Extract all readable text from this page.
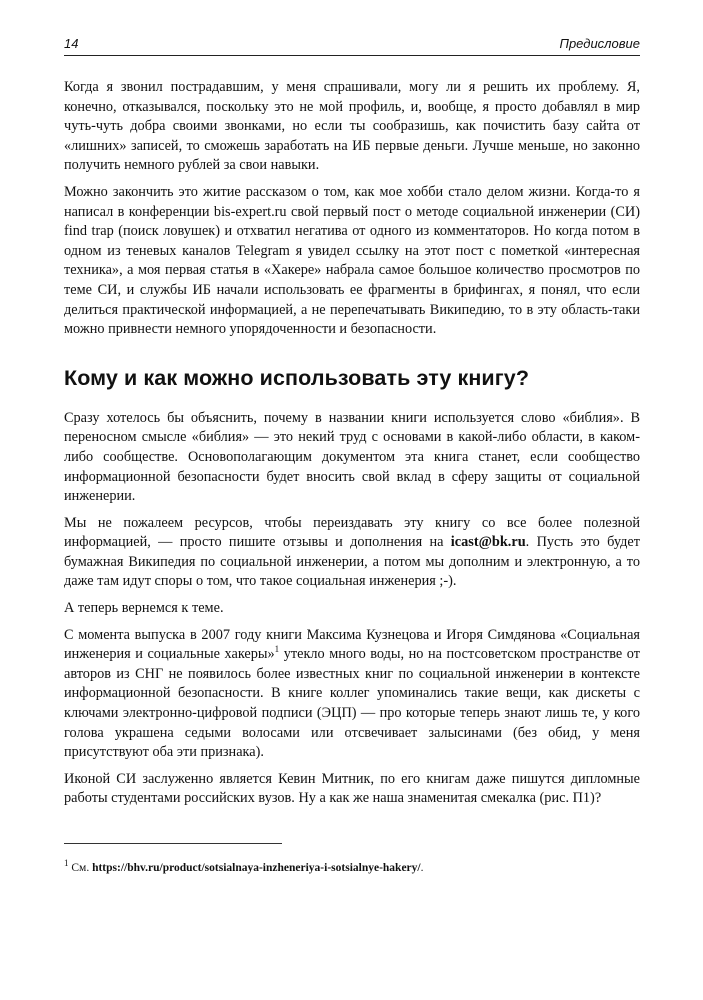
14	Предисловие

Когда я звонил пострадавшим, у меня спрашивали, могу ли я решить их проблему. Я, конечно, отказывался, поскольку это не мой профиль, и, вообще, я просто добавлял в мир чуть-чуть добра своими звонками, но если ты сообразишь, как почистить базу сайта от «лишних» записей, то сможешь заработать на ИБ первые деньги. Лучше меньше, но законно получить немного рублей за свои навыки.

Можно закончить это житие рассказом о том, как мое хобби стало делом жизни. Когда-то я написал в конференции bis-expert.ru свой первый пост о методе социальной инженерии (СИ) find trap (поиск ловушек) и отхватил негатива от одного из комментаторов. Но когда потом в одном из теневых каналов Telegram я увидел ссылку на этот пост с пометкой «интересная техника», а моя первая статья в «Хакере» набрала самое большое количество просмотров по теме СИ, и службы ИБ начали использовать ее фрагменты в брифингах, я понял, что если делиться практической информацией, а не перепечатывать Википедию, то в эту область-таки можно привнести немного упорядоченности и безопасности.

Кому и как можно использовать эту книгу?

Сразу хотелось бы объяснить, почему в названии книги используется слово «библия». В переносном смысле «библия» — это некий труд с основами в какой-либо области, в каком-либо сообществе. Основополагающим документом эта книга станет, если сообщество информационной безопасности будет вносить свой вклад в сферу защиты от социальной инженерии.

Мы не пожалеем ресурсов, чтобы переиздавать эту книгу со все более полезной информацией, — просто пишите отзывы и дополнения на icast@bk.ru. Пусть это будет бумажная Википедия по социальной инженерии, а потом мы дополним и электронную, а то даже там идут споры о том, что такое социальная инженерия ;-).

А теперь вернемся к теме.

С момента выпуска в 2007 году книги Максима Кузнецова и Игоря Симдянова «Социальная инженерия и социальные хакеры»$^1$ утекло много воды, но на постсоветском пространстве от авторов из СНГ не появилось более известных книг по социальной инженерии в контексте информационной безопасности. В книге коллег упоминались такие вещи, как дискеты с ключами электронно-цифровой подписи (ЭЦП) — про которые теперь знают лишь те, у кого голова украшена седыми волосами или отсвечивает залысинами (без обид, у меня присутствуют оба эти признака).

Иконой СИ заслуженно является Кевин Митник, по его книгам даже пишутся дипломные работы студентами российских вузов. Ну а как же наша знаменитая смекалка (рис. П1)?

$^1$ См. https://bhv.ru/product/sotsialnaya-inzheneriya-i-sotsialnye-hakery/.
